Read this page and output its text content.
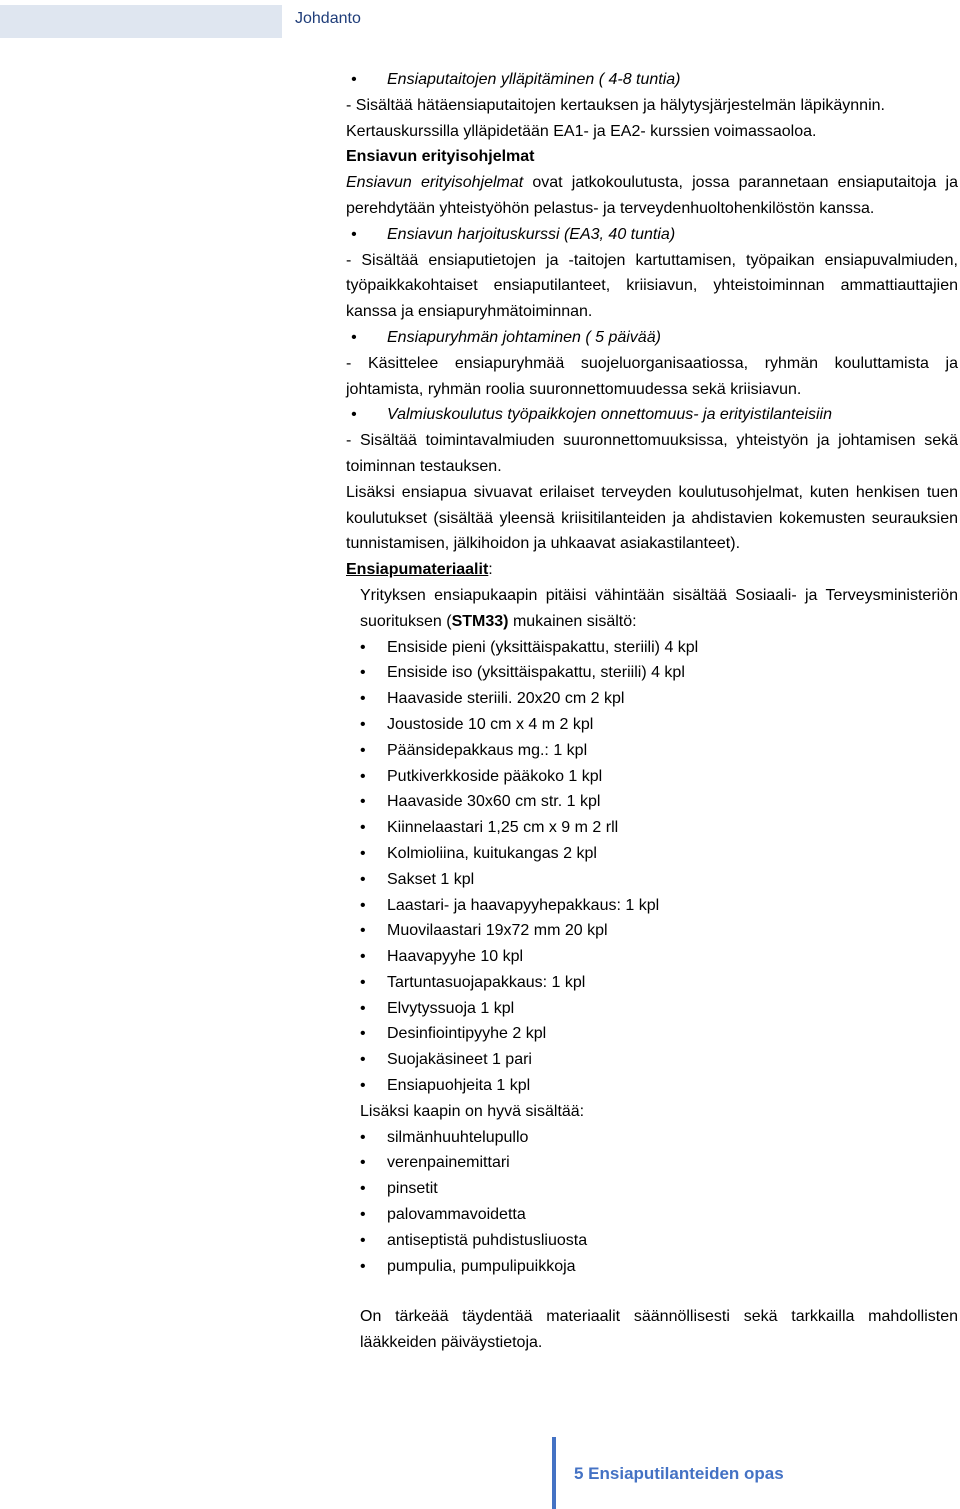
Johdanto

• Ensiaputaitojen ylläpitäminen ( 4-8 tuntia)

- Sisältää hätäensiaputaitojen kertauksen ja hälytysjärjestelmän läpikäynnin.

Kertauskurssilla ylläpidetään EA1- ja EA2- kurssien voimassaoloa.

Ensiavun erityisohjelmat

Ensiavun erityisohjelmat ovat jatkokoulutusta, jossa parannetaan ensiaputaitoja ja perehdytään yhteistyöhön pelastus- ja terveydenhuoltohenkilöstön kanssa.

• Ensiavun harjoituskurssi (EA3, 40 tuntia)

- Sisältää ensiaputietojen ja -taitojen kartuttamisen, työpaikan ensiapuvalmiuden, työpaikkakohtaiset ensiaputilanteet, kriisiavun, yhteistoiminnan ammattiauttajien kanssa ja ensiapuryhmätoiminnan.

• Ensiapuryhmän johtaminen ( 5 päivää)

- Käsittelee ensiapuryhmää suojeluorganisaatiossa, ryhmän kouluttamista ja johtamista, ryhmän roolia suuronnettomuudessa sekä kriisiavun.

• Valmiuskoulutus työpaikkojen onnettomuus- ja erityistilanteisiin

- Sisältää toimintavalmiuden suuronnettomuuksissa, yhteistyön ja johtamisen sekä toiminnan testauksen.

Lisäksi ensiapua sivuavat erilaiset terveyden koulutusohjelmat, kuten henkisen tuen koulutukset (sisältää yleensä kriisitilanteiden ja ahdistavien kokemusten seurauksien tunnistamisen, jälkihoidon ja uhkaavat asiakastilanteet).

Ensiapumateriaalit:

Yrityksen ensiapukaapin pitäisi vähintään sisältää Sosiaali- ja Terveysministeriön suorituksen (STM33) mukainen sisältö:

• Ensiside pieni (yksittäispakattu, steriili) 4 kpl

• Ensiside iso (yksittäispakattu, steriili) 4 kpl

• Haavaside steriili. 20x20 cm 2 kpl

• Joustoside 10 cm x 4 m 2 kpl

• Päänsidepakkaus mg.: 1 kpl

• Putkiverkkoside pääkoko 1 kpl

• Haavaside 30x60 cm str. 1 kpl

• Kiinnelaastari 1,25 cm x 9 m 2 rll

• Kolmioliina, kuitukangas 2 kpl

• Sakset 1 kpl

• Laastari- ja haavapyyhepakkaus: 1 kpl

• Muovilaastari 19x72 mm 20 kpl

• Haavapyyhe 10 kpl

• Tartuntasuojapakkaus: 1 kpl

• Elvytyssuoja 1 kpl

• Desinfiointipyyhe 2 kpl

• Suojakäsineet 1 pari

• Ensiapuohjeita 1 kpl

Lisäksi kaapin on hyvä sisältää:

• silmänhuuhtelupullo

• verenpainemittari

• pinsetit

• palovammavoidetta

• antiseptistä puhdistusliuosta

• pumpulia, pumpulipuikkoja

On tärkeää täydentää materiaalit säännöllisesti sekä tarkkailla mahdollisten lääkkeiden päiväystietoja.

5 Ensiaputilanteiden opas
